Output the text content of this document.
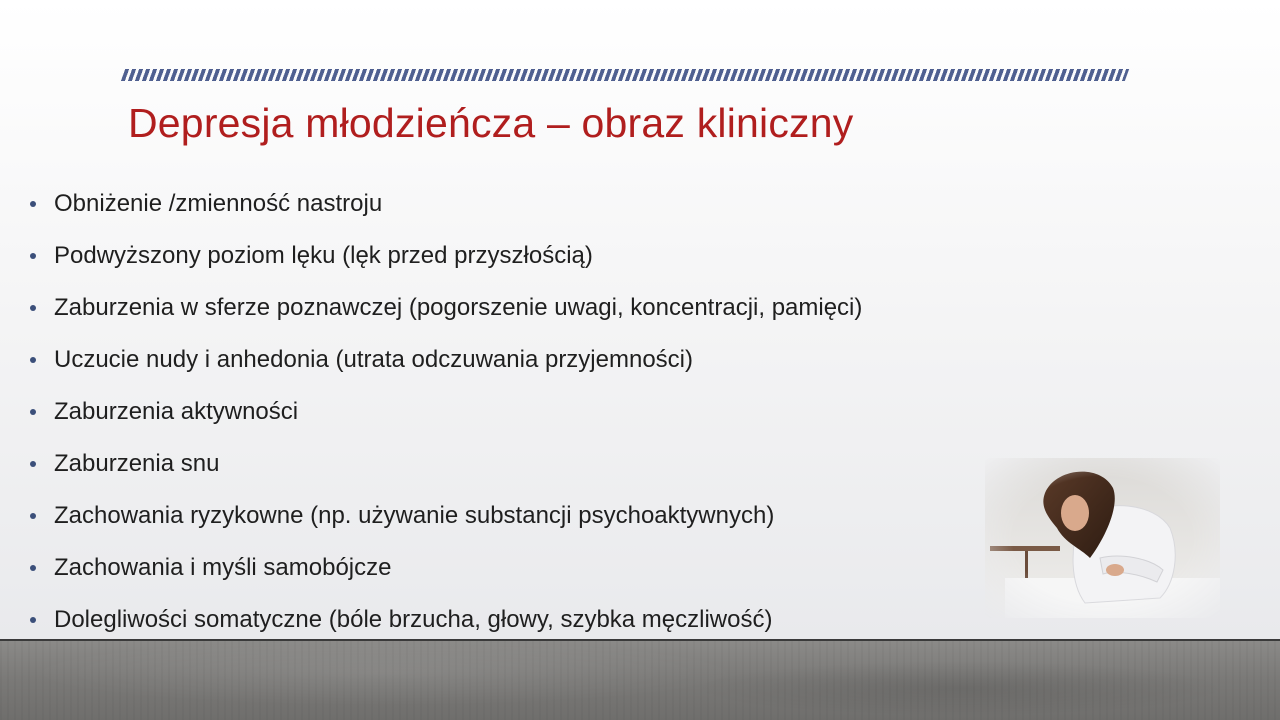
Depresja młodzieńcza – obraz kliniczny
Obniżenie /zmienność nastroju
Podwyższony poziom lęku (lęk przed przyszłością)
Zaburzenia w sferze poznawczej (pogorszenie uwagi, koncentracji, pamięci)
Uczucie nudy i anhedonia (utrata odczuwania przyjemności)
Zaburzenia aktywności
Zaburzenia snu
Zachowania ryzykowne (np. używanie substancji psychoaktywnych)
Zachowania i myśli samobójcze
Dolegliwości somatyczne (bóle brzucha, głowy, szybka męczliwość)
